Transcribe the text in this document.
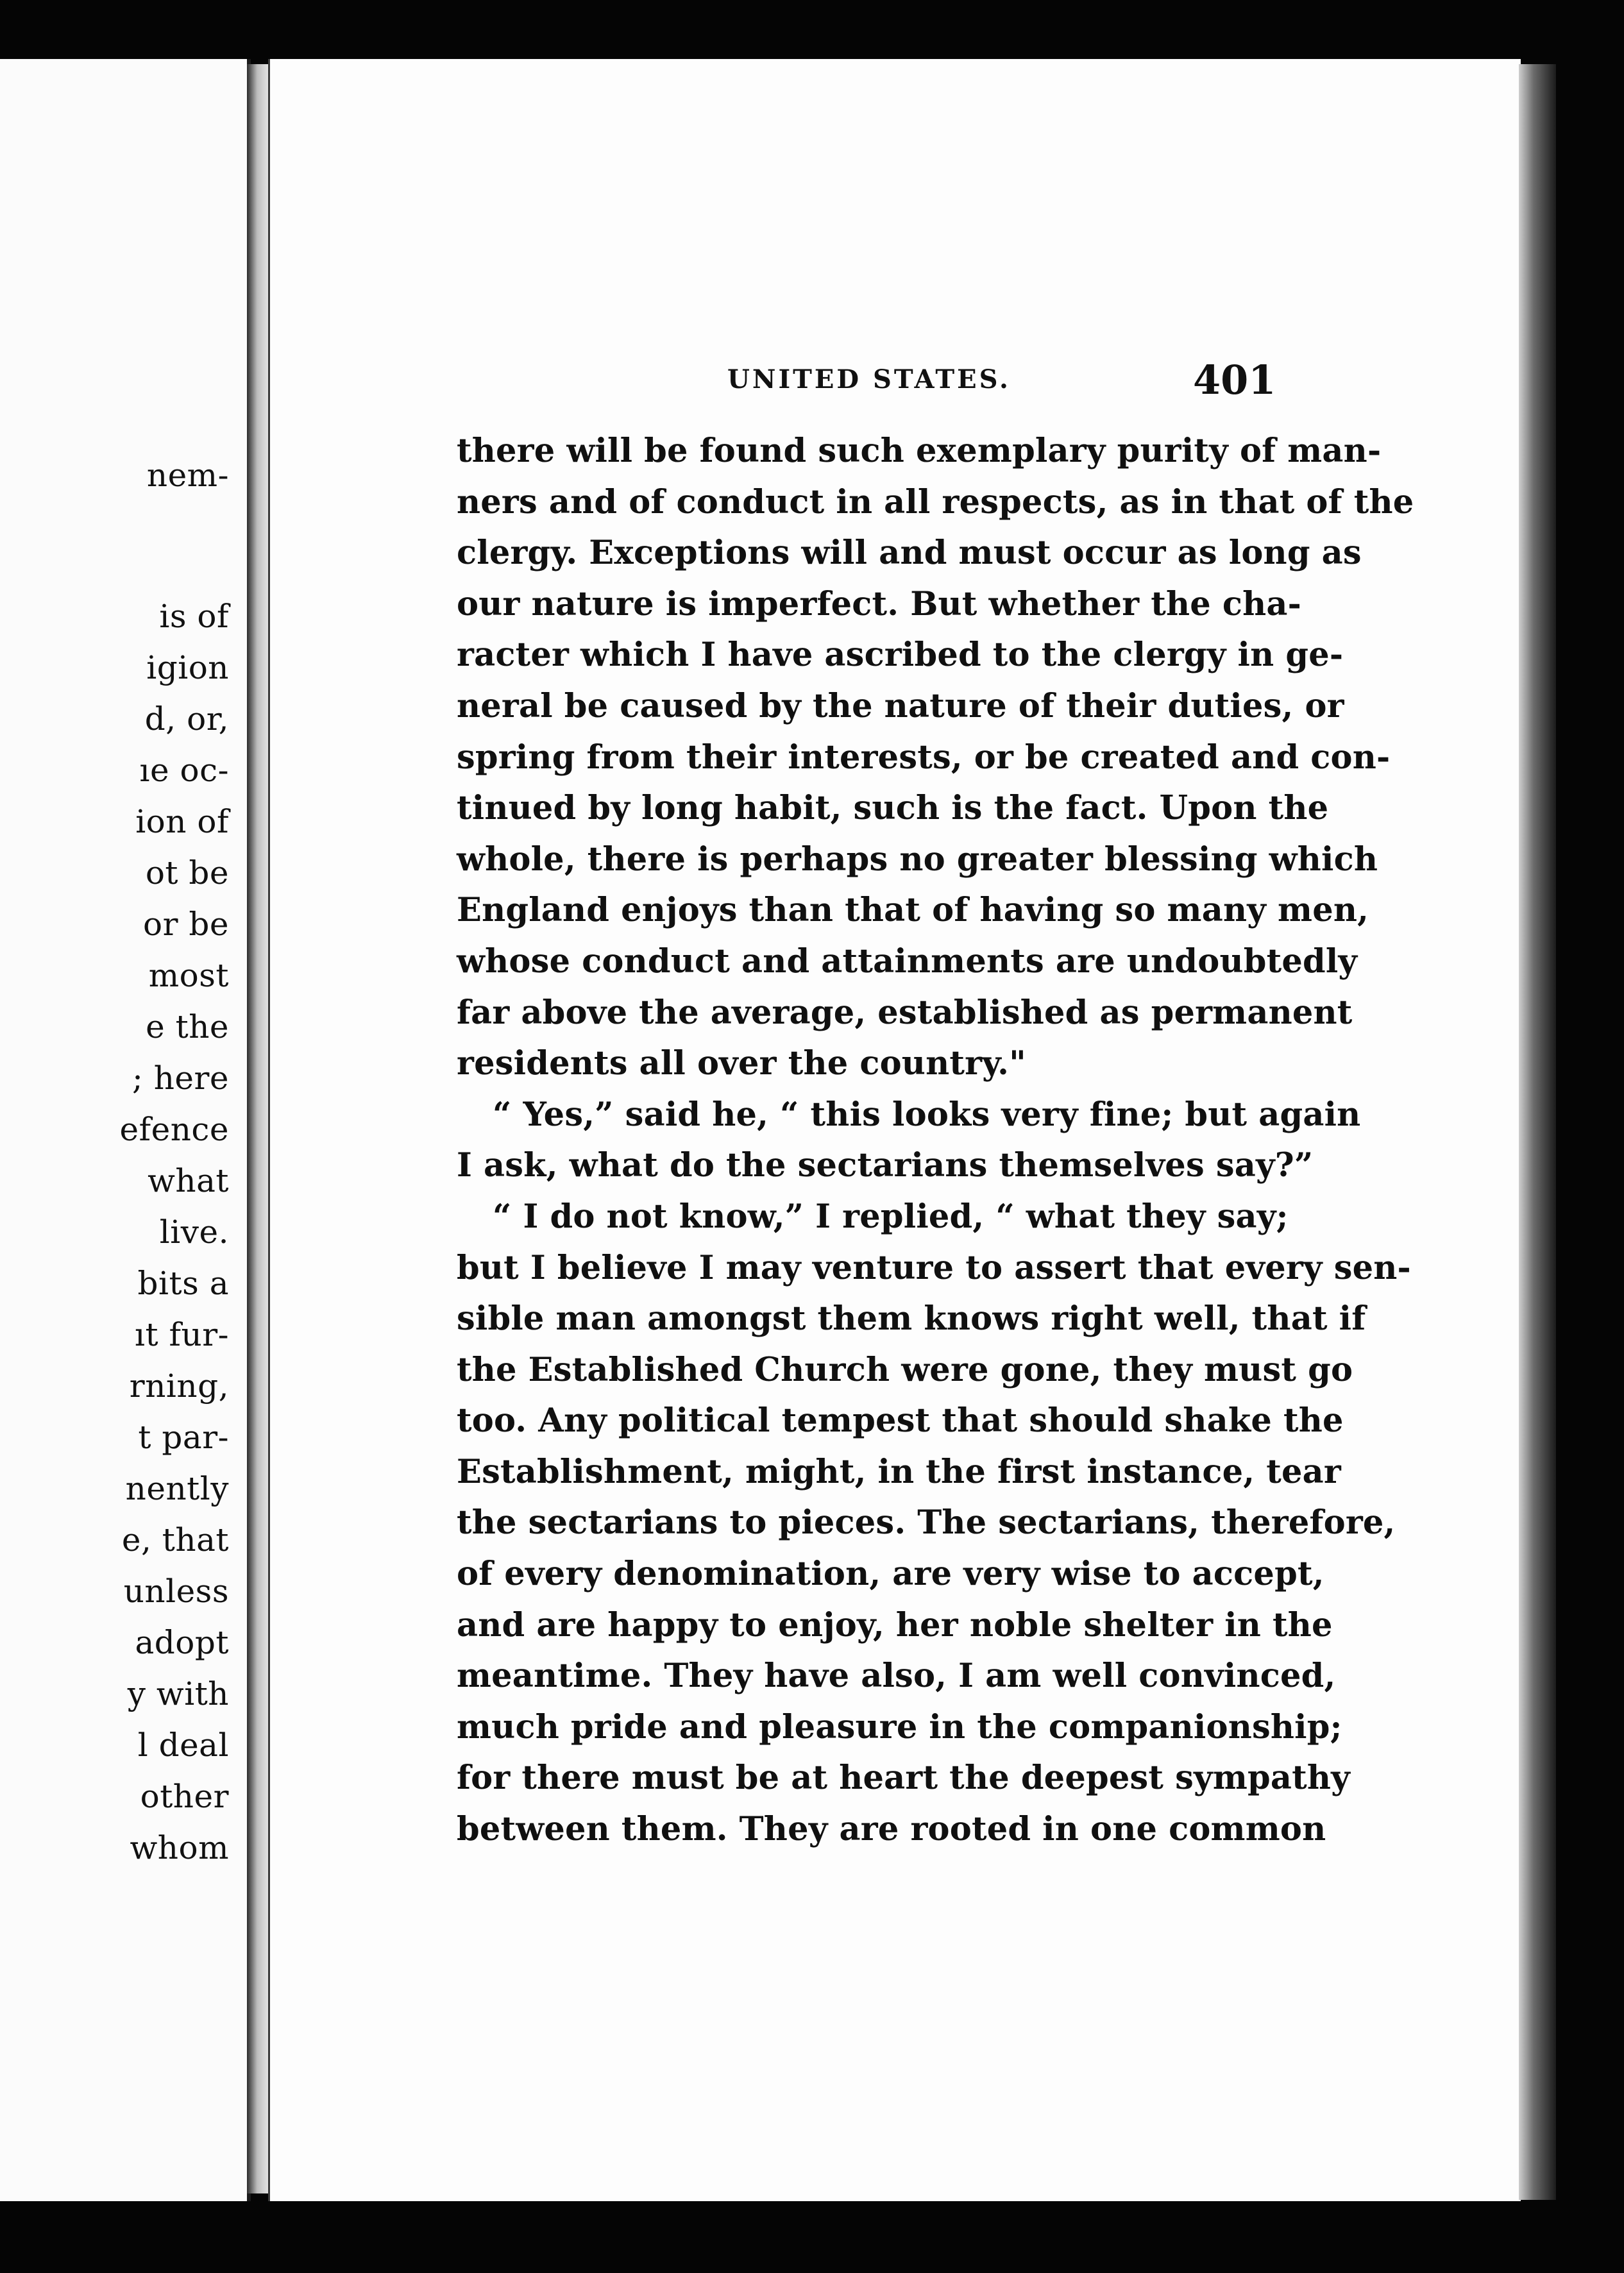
nem-
is of
igion
d, or,
ıe oc-
ion of
ot be
or be
most
e the
; here
efence
what
live.
bits a
ıt fur-
rning,
t par-
nently
e, that
unless
adopt
y with
l deal
other
whom
UNITED STATES.	401
there will be found such exemplary purity of man-
ners and of conduct in all respects, as in that of the
clergy. Exceptions will and must occur as long as
our nature is imperfect. But whether the cha-
racter which I have ascribed to the clergy in ge-
neral be caused by the nature of their duties, or
spring from their interests, or be created and con-
tinued by long habit, such is the fact. Upon the
whole, there is perhaps no greater blessing which
England enjoys than that of having so many men,
whose conduct and attainments are undoubtedly
far above the average, established as permanent
residents all over the country."
“ Yes,” said he, “ this looks very fine; but again
I ask, what do the sectarians themselves say?”
“ I do not know,” I replied, “ what they say;
but I believe I may venture to assert that every sen-
sible man amongst them knows right well, that if
the Established Church were gone, they must go
too. Any political tempest that should shake the
Establishment, might, in the first instance, tear
the sectarians to pieces. The sectarians, therefore,
of every denomination, are very wise to accept,
and are happy to enjoy, her noble shelter in the
meantime. They have also, I am well convinced,
much pride and pleasure in the companionship;
for there must be at heart the deepest sympathy
between them. They are rooted in one common
